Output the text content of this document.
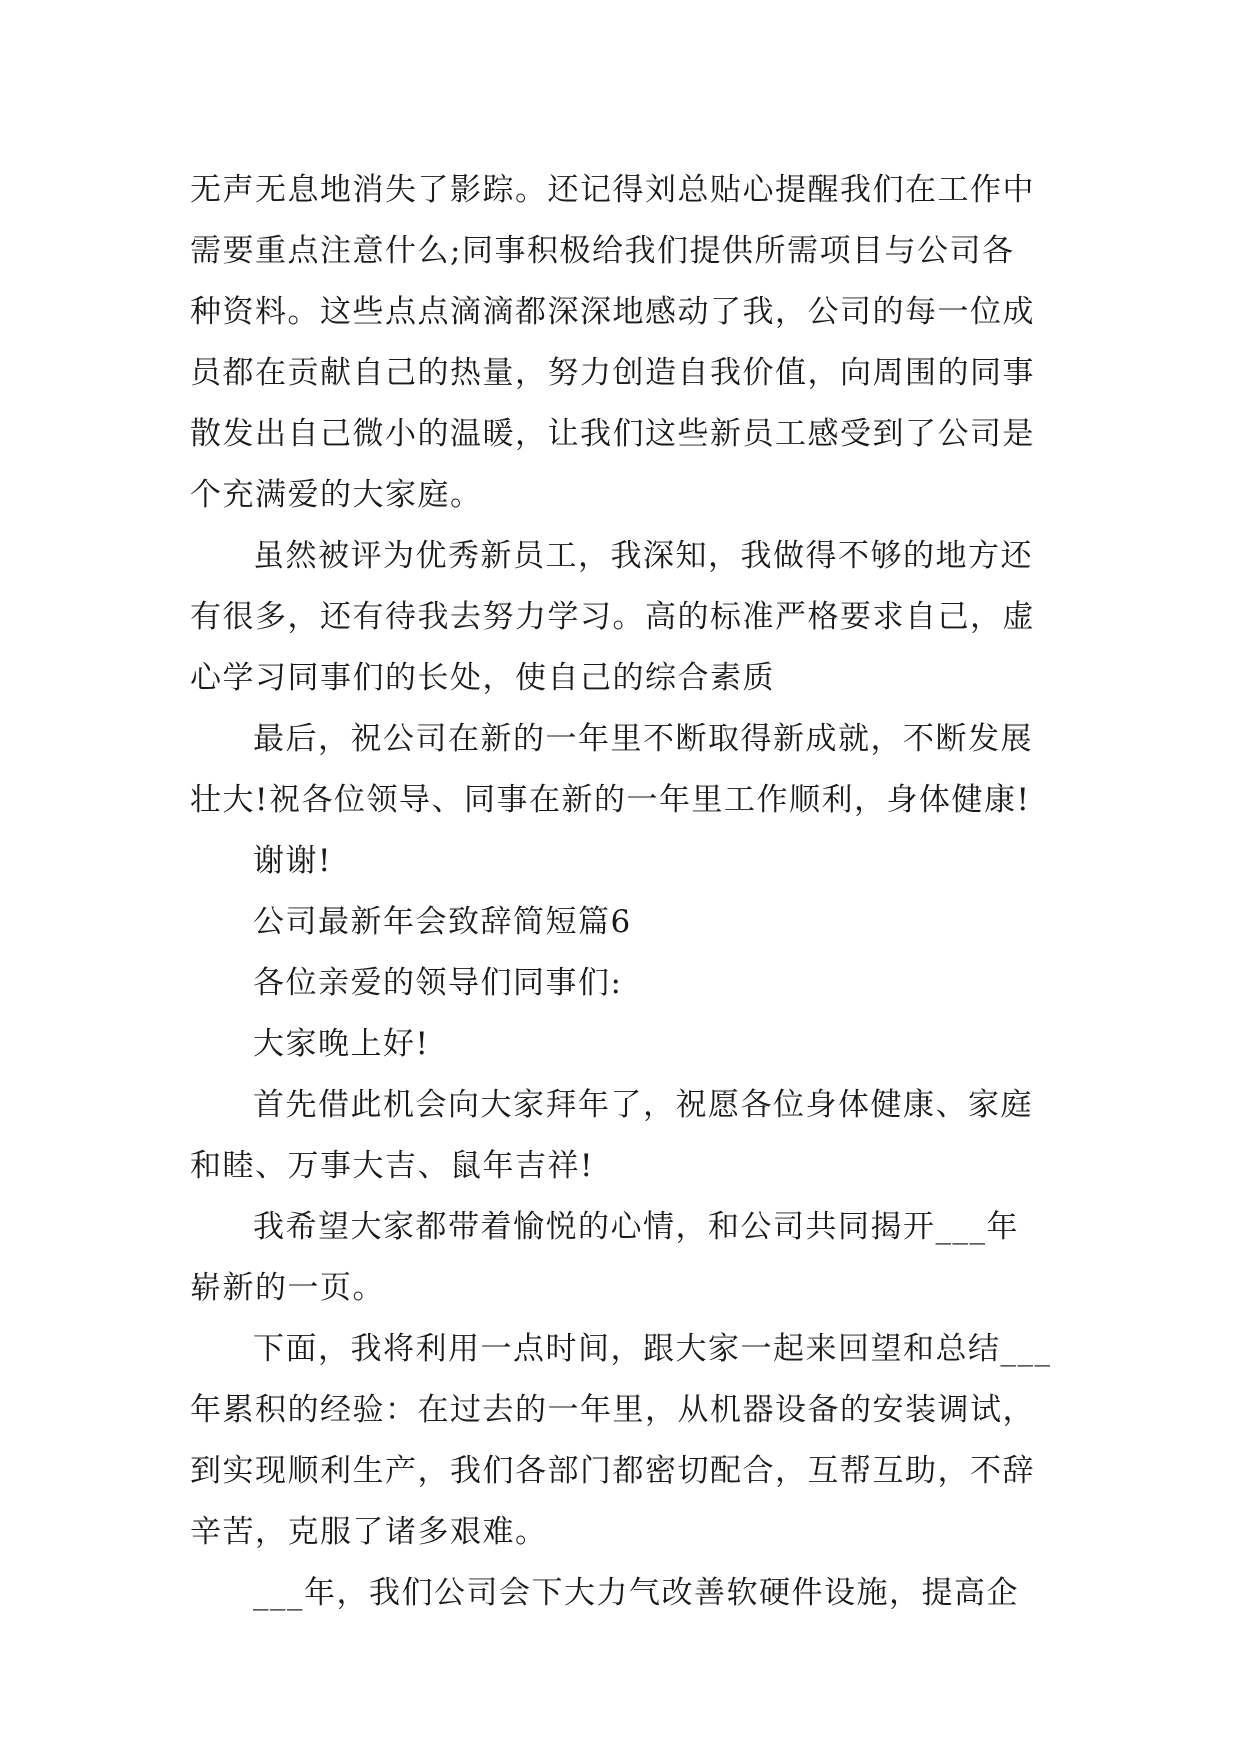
无声无息地消失了影踪。还记得刘总贴心提醒我们在工作中
需要重点注意什么;同事积极给我们提供所需项目与公司各
种资料。这些点点滴滴都深深地感动了我，公司的每一位成
员都在贡献自己的热量，努力创造自我价值，向周围的同事
散发出自己微小的温暖，让我们这些新员工感受到了公司是
个充满爱的大家庭。
虽然被评为优秀新员工，我深知，我做得不够的地方还
有很多，还有待我去努力学习。高的标准严格要求自己，虚
心学习同事们的长处，使自己的综合素质
最后，祝公司在新的一年里不断取得新成就，不断发展
壮大!祝各位领导、同事在新的一年里工作顺利，身体健康!
谢谢!
公司最新年会致辞简短篇6
各位亲爱的领导们同事们:
大家晚上好!
首先借此机会向大家拜年了，祝愿各位身体健康、家庭
和睦、万事大吉、鼠年吉祥!
我希望大家都带着愉悦的心情，和公司共同揭开___年
崭新的一页。
下面，我将利用一点时间，跟大家一起来回望和总结___
年累积的经验：在过去的一年里，从机器设备的安装调试，
到实现顺利生产，我们各部门都密切配合，互帮互助，不辞
辛苦，克服了诸多艰难。
___年，我们公司会下大力气改善软硬件设施，提高企
